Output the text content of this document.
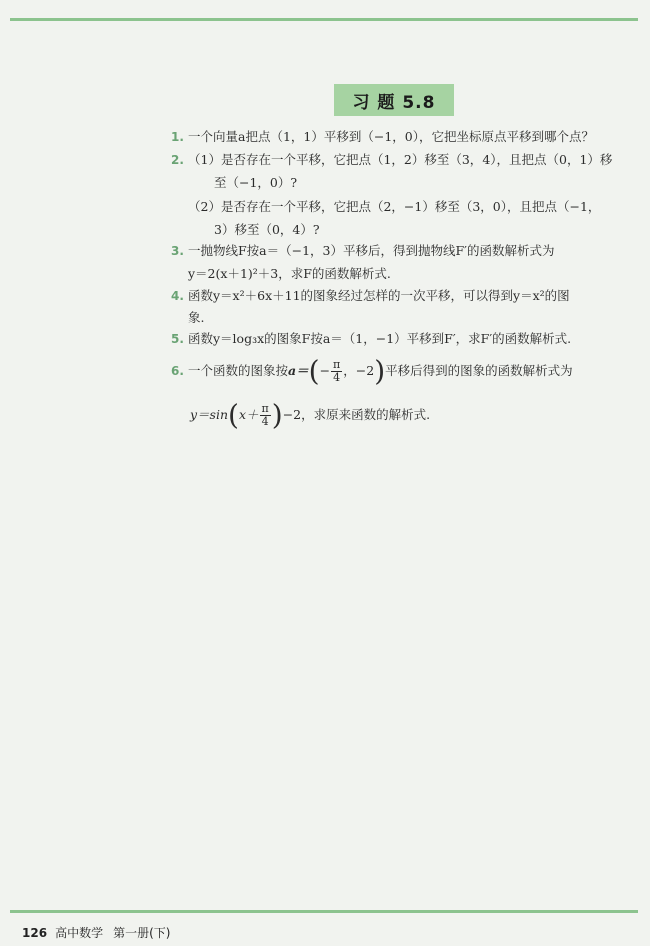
习 题 5.8
1. 一个向量a把点（1，1）平移到（−1，0），它把坐标原点平移到哪个点？
2. （1）是否存在一个平移，它把点（1，2）移至（3，4），且把点（0，1）移
至（−1，0）?
（2）是否存在一个平移，它把点（2，−1）移至（3，0），且把点（−1，
3）移至（0，4）?
3. 一抛物线F按a＝（−1，3）平移后，得到抛物线F′的函数解析式为
y＝2(x＋1)²＋3，求F的函数解析式.
4. 函数y＝x²＋6x＋11的图象经过怎样的一次平移，可以得到y＝x²的图
象.
5. 函数y＝log₃x的图象F按a＝（1，−1）平移到F′，求F′的函数解析式.
6. 一个函数的图象按$a=(- \frac{\pi}{4}$ ，−2)平移后得到的图象的函数解析式为
$y=\sin(x+ \frac{\pi}{4} )-2$，求原来函数的解析式.
126 高中数学 第一册(下)
